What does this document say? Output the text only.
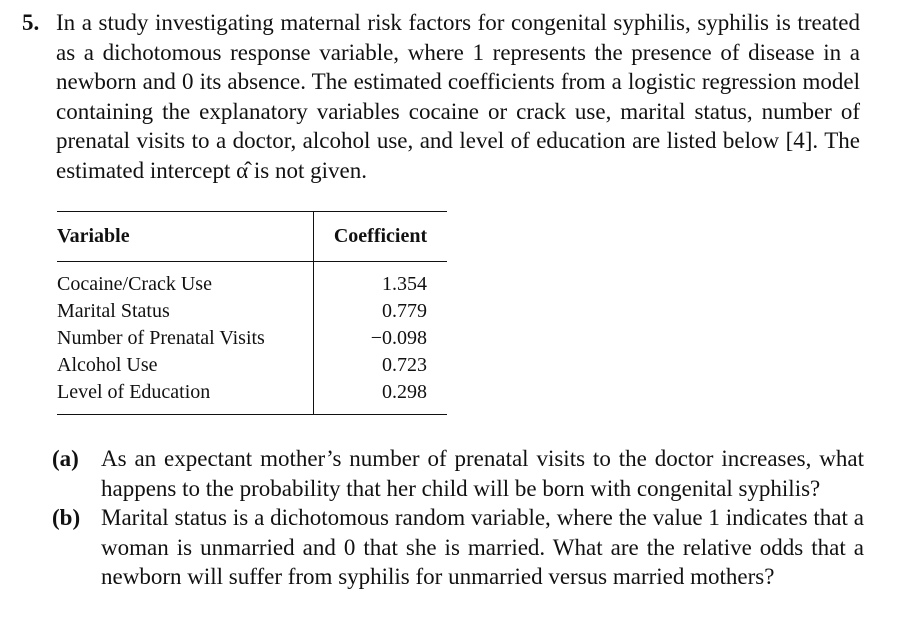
5. In a study investigating maternal risk factors for congenital syphilis, syphilis is treated as a dichotomous response variable, where 1 represents the presence of disease in a newborn and 0 its absence. The estimated coefficients from a logistic regression model containing the explanatory variables cocaine or crack use, marital status, number of prenatal visits to a doctor, alcohol use, and level of education are listed below [4]. The estimated intercept α̂ is not given.
Variable	Coefficient
Cocaine/Crack Use	1.354
Marital Status	0.779
Number of Prenatal Visits	−0.098
Alcohol Use	0.723
Level of Education	0.298
(a) As an expectant mother’s number of prenatal visits to the doctor increases, what happens to the probability that her child will be born with congenital syphilis?
(b) Marital status is a dichotomous random variable, where the value 1 indicates that a woman is unmarried and 0 that she is married. What are the relative odds that a newborn will suffer from syphilis for unmarried versus married mothers?
